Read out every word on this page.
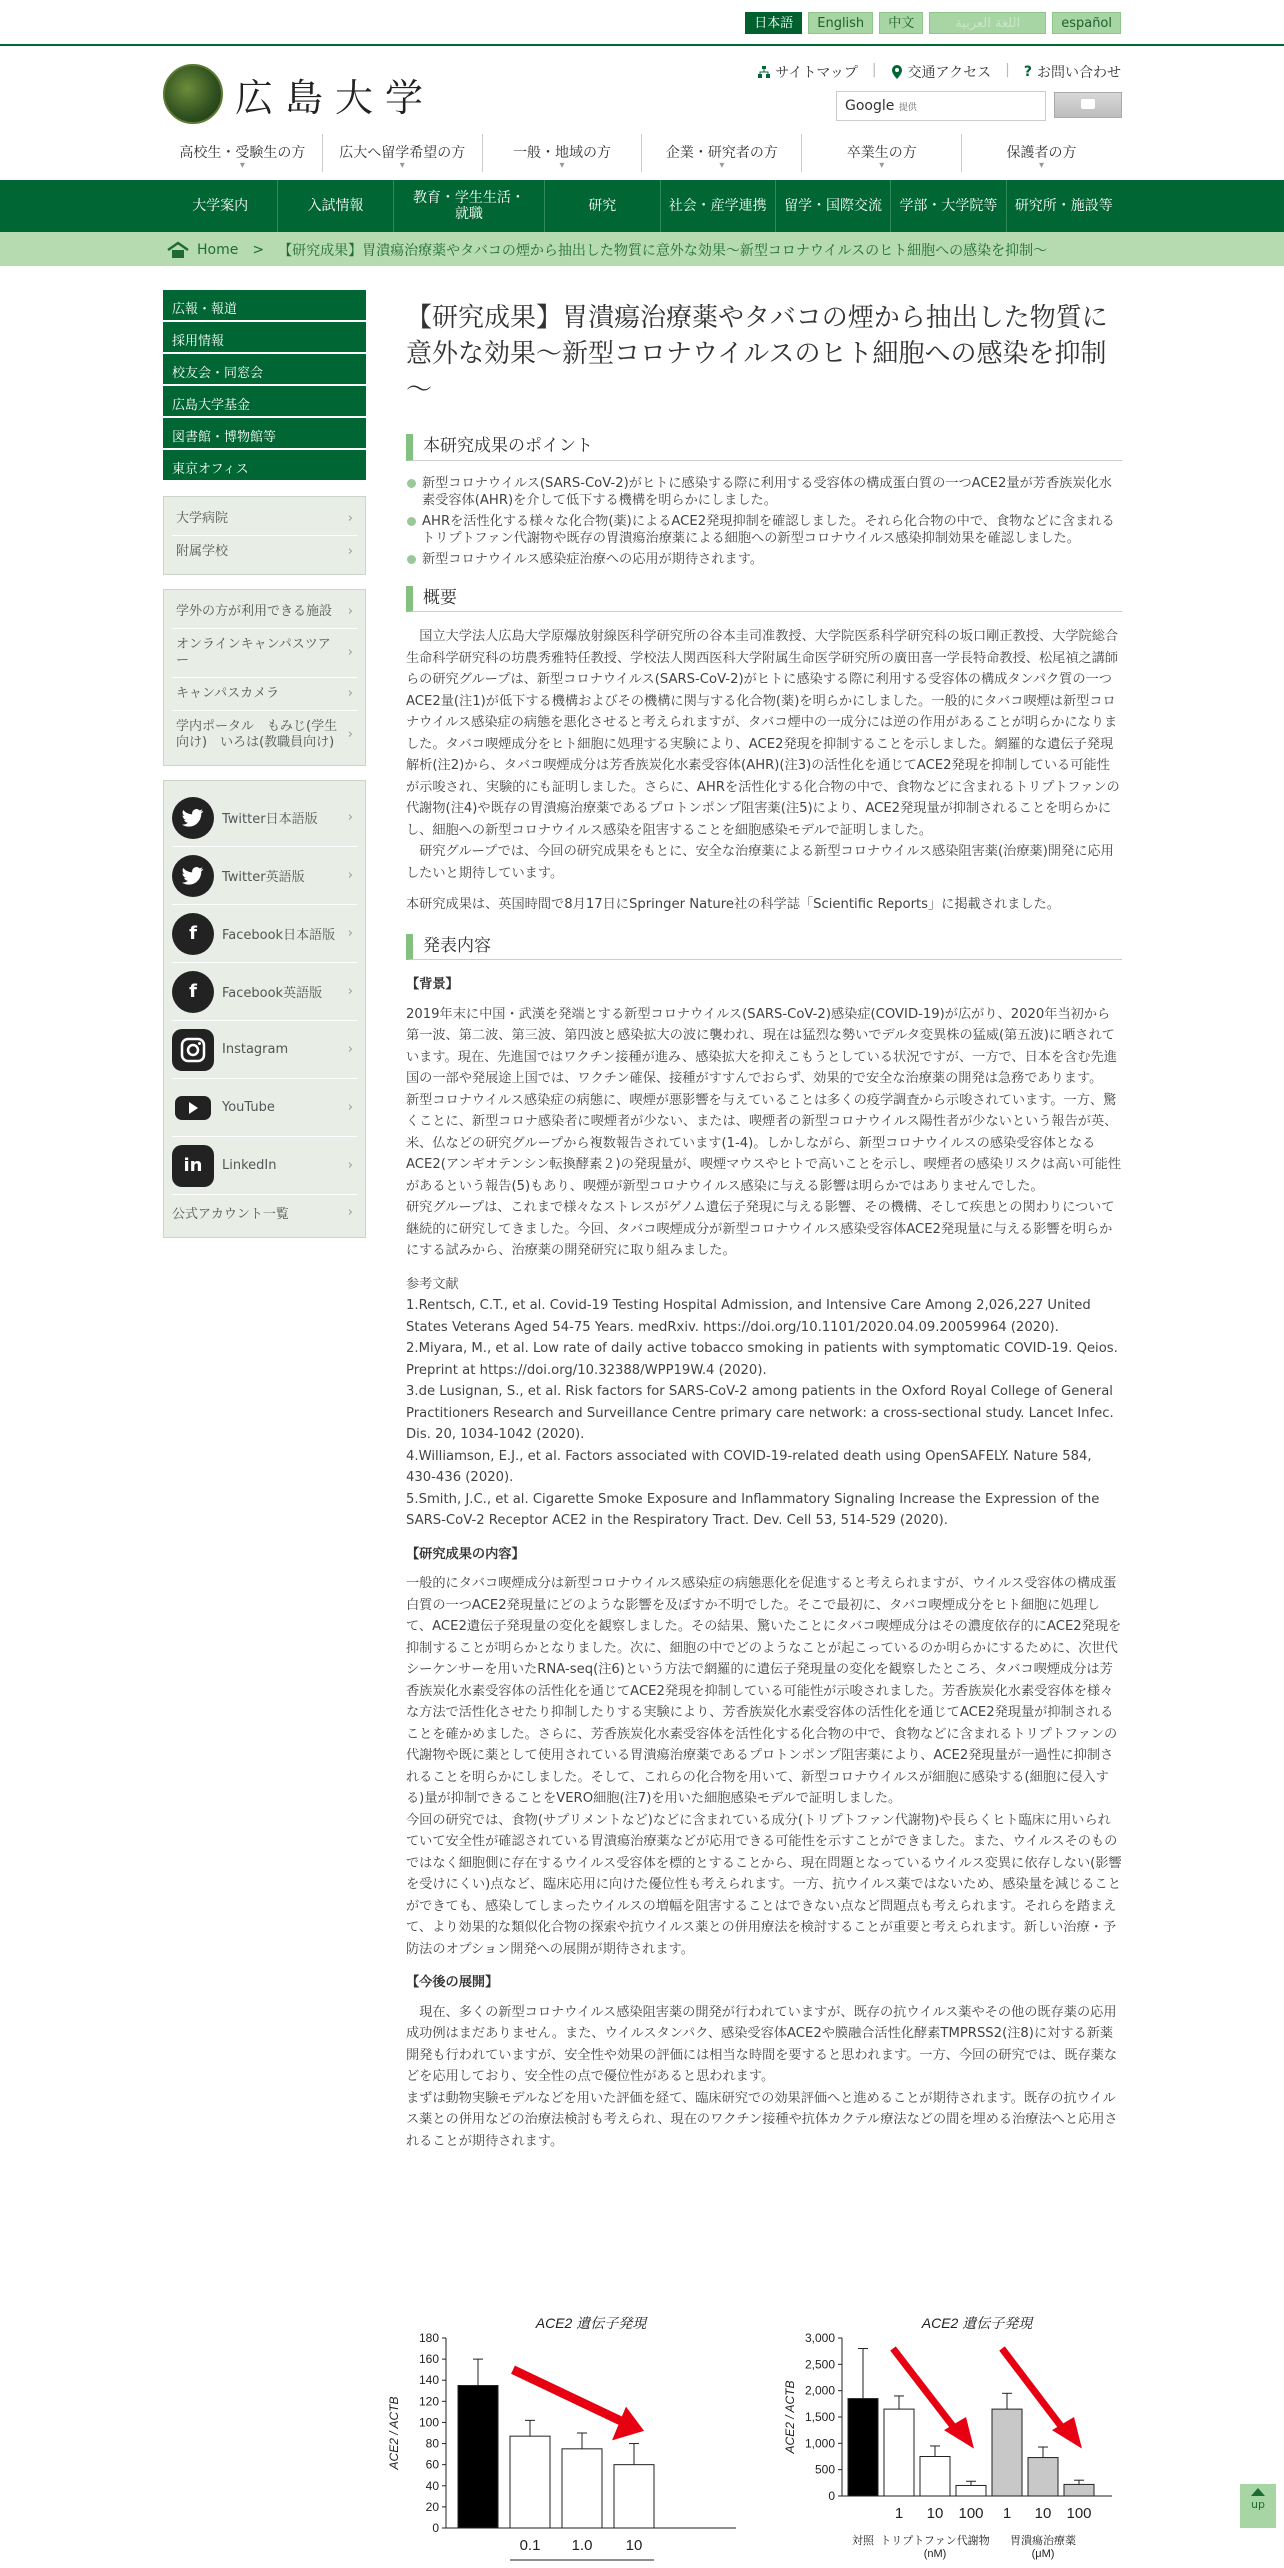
日本語	English	中文	اللغة العربية	español
広島大学
サイトマップ | 交通アクセス | ? お問い合わせ
Google 提供
高校生・受験生の方 ▾	広大へ留学希望の方 ▾	一般・地域の方 ▾	企業・研究者の方 ▾	卒業生の方 ▾	保護者の方 ▾
大学案内	入試情報	教育・学生生活・就職	研究	社会・産学連携	留学・国際交流	学部・大学院等	研究所・施設等
Home > 【研究成果】胃潰瘍治療薬やタバコの煙から抽出した物質に意外な効果～新型コロナウイルスのヒト細胞への感染を抑制～
広報・報道
採用情報
校友会・同窓会
広島大学基金
図書館・博物館等
東京オフィス
大学病院 ›
附属学校 ›
学外の方が利用できる施設 ›
オンラインキャンパスツアー ›
キャンパスカメラ ›
学内ポータル　もみじ(学生向け)　いろは(教職員向け) ›
Twitter日本語版
›
Twitter英語版
›
f	Facebook日本語版
›
f	Facebook英語版
›
Instagram
›
YouTube
›
in	LinkedIn
›
公式アカウント一覧
›
【研究成果】胃潰瘍治療薬やタバコの煙から抽出した物質に意外な効果～新型コロナウイルスのヒト細胞への感染を抑制～
本研究成果のポイント
新型コロナウイルス(SARS-CoV-2)がヒトに感染する際に利用する受容体の構成蛋白質の一つACE2量が芳香族炭化水素受容体(AHR)を介して低下する機構を明らかにしました。
AHRを活性化する様々な化合物(薬)によるACE2発現抑制を確認しました。それら化合物の中で、食物などに含まれるトリプトファン代謝物や既存の胃潰瘍治療薬による細胞への新型コロナウイルス感染抑制効果を確認しました。
新型コロナウイルス感染症治療への応用が期待されます。
概要

国立大学法人広島大学原爆放射線医科学研究所の谷本圭司准教授、大学院医系科学研究科の坂口剛正教授、大学院総合生命科学研究科の坊農秀雅特任教授、学校法人関西医科大学附属生命医学研究所の廣田喜一学長特命教授、松尾禎之講師らの研究グループは、新型コロナウイルス(SARS-CoV-2)がヒトに感染する際に利用する受容体の構成タンパク質の一つACE2量(注1)が低下する機構およびその機構に関与する化合物(薬)を明らかにしました。一般的にタバコ喫煙は新型コロナウイルス感染症の病態を悪化させると考えられますが、タバコ煙中の一成分には逆の作用があることが明らかになりました。タバコ喫煙成分をヒト細胞に処理する実験により、ACE2発現を抑制することを示しました。網羅的な遺伝子発現解析(注2)から、タバコ喫煙成分は芳香族炭化水素受容体(AHR)(注3)の活性化を通じてACE2発現を抑制している可能性が示唆され、実験的にも証明しました。さらに、AHRを活性化する化合物の中で、食物などに含まれるトリプトファンの代謝物(注4)や既存の胃潰瘍治療薬であるプロトンポンプ阻害薬(注5)により、ACE2発現量が抑制されることを明らかにし、細胞への新型コロナウイルス感染を阻害することを細胞感染モデルで証明しました。

研究グループでは、今回の研究成果をもとに、安全な治療薬による新型コロナウイルス感染阻害薬(治療薬)開発に応用したいと期待しています。

本研究成果は、英国時間で8月17日にSpringer Nature社の科学誌「Scientific Reports」に掲載されました。

発表内容

【背景】

2019年末に中国・武漢を発端とする新型コロナウイルス(SARS-CoV-2)感染症(COVID-19)が広がり、2020年当初から第一波、第二波、第三波、第四波と感染拡大の波に襲われ、現在は猛烈な勢いでデルタ変異株の猛威(第五波)に晒されています。現在、先進国ではワクチン接種が進み、感染拡大を抑えこもうとしている状況ですが、一方で、日本を含む先進国の一部や発展途上国では、ワクチン確保、接種がすすんでおらず、効果的で安全な治療薬の開発は急務であります。

新型コロナウイルス感染症の病態に、喫煙が悪影響を与えていることは多くの疫学調査から示唆されています。一方、驚くことに、新型コロナ感染者に喫煙者が少ない、または、喫煙者の新型コロナウイルス陽性者が少ないという報告が英、米、仏などの研究グループから複数報告されています(1-4)。しかしながら、新型コロナウイルスの感染受容体となるACE2(アンギオテンシン転換酵素２)の発現量が、喫煙マウスやヒトで高いことを示し、喫煙者の感染リスクは高い可能性があるという報告(5)もあり、喫煙が新型コロナウイルス感染に与える影響は明らかではありませんでした。

研究グループは、これまで様々なストレスがゲノム遺伝子発現に与える影響、その機構、そして疾患との関わりについて継続的に研究してきました。今回、タバコ喫煙成分が新型コロナウイルス感染受容体ACE2発現量に与える影響を明らかにする試みから、治療薬の開発研究に取り組みました。

参考文献

1.Rentsch, C.T., et al. Covid-19 Testing Hospital Admission, and Intensive Care Among 2,026,227 United States Veterans Aged 54-75 Years. medRxiv. https://doi.org/10.1101/2020.04.09.20059964 (2020).

2.Miyara, M., et al. Low rate of daily active tobacco smoking in patients with symptomatic COVID-19. Qeios. Preprint at https://doi.org/10.32388/WPP19W.4 (2020).

3.de Lusignan, S., et al. Risk factors for SARS-CoV-2 among patients in the Oxford Royal College of General Practitioners Research and Surveillance Centre primary care network: a cross-sectional study. Lancet Infec. Dis. 20, 1034-1042 (2020).

4.Williamson, E.J., et al. Factors associated with COVID-19-related death using OpenSAFELY. Nature 584, 430-436 (2020).

5.Smith, J.C., et al. Cigarette Smoke Exposure and Inflammatory Signaling Increase the Expression of the SARS-CoV-2 Receptor ACE2 in the Respiratory Tract. Dev. Cell 53, 514-529 (2020).

【研究成果の内容】

一般的にタバコ喫煙成分は新型コロナウイルス感染症の病態悪化を促進すると考えられますが、ウイルス受容体の構成蛋白質の一つACE2発現量にどのような影響を及ぼすか不明でした。そこで最初に、タバコ喫煙成分をヒト細胞に処理して、ACE2遺伝子発現量の変化を観察しました。その結果、驚いたことにタバコ喫煙成分はその濃度依存的にACE2発現を抑制することが明らかとなりました。次に、細胞の中でどのようなことが起こっているのか明らかにするために、次世代シーケンサーを用いたRNA-seq(注6)という方法で網羅的に遺伝子発現量の変化を観察したところ、タバコ喫煙成分は芳香族炭化水素受容体の活性化を通じてACE2発現を抑制している可能性が示唆されました。芳香族炭化水素受容体を様々な方法で活性化させたり抑制したりする実験により、芳香族炭化水素受容体の活性化を通じてACE2発現量が抑制されることを確かめました。さらに、芳香族炭化水素受容体を活性化する化合物の中で、食物などに含まれるトリプトファンの代謝物や既に薬として使用されている胃潰瘍治療薬であるプロトンポンプ阻害薬により、ACE2発現量が一過性に抑制されることを明らかにしました。そして、これらの化合物を用いて、新型コロナウイルスが細胞に感染する(細胞に侵入する)量が抑制できることをVERO細胞(注7)を用いた細胞感染モデルで証明しました。

今回の研究では、食物(サプリメントなど)などに含まれている成分(トリプトファン代謝物)や長らくヒト臨床に用いられていて安全性が確認されている胃潰瘍治療薬などが応用できる可能性を示すことができました。また、ウイルスそのものではなく細胞側に存在するウイルス受容体を標的とすることから、現在問題となっているウイルス変異に依存しない(影響を受けにくい)点など、臨床応用に向けた優位性も考えられます。一方、抗ウイルス薬ではないため、感染量を減じることができても、感染してしまったウイルスの増幅を阻害することはできない点など問題点も考えられます。それらを踏まえて、より効果的な類似化合物の探索や抗ウイルス薬との併用療法を検討することが重要と考えられます。新しい治療・予防法のオプション開発への展開が期待されます。

【今後の展開】

現在、多くの新型コロナウイルス感染阻害薬の開発が行われていますが、既存の抗ウイルス薬やその他の既存薬の応用成功例はまだありません。また、ウイルスタンパク、感染受容体ACE2や膜融合活性化酵素TMPRSS2(注8)に対する新薬開発も行われていますが、安全性や効果の評価には相当な時間を要すると思われます。一方、今回の研究では、既存薬などを応用しており、安全性の点で優位性があると思われます。

まずは動物実験モデルなどを用いた評価を経て、臨床研究での効果評価へと進めることが期待されます。既存の抗ウイルス薬との併用などの治療法検討も考えられ、現在のワクチン接種や抗体カクテル療法などの間を埋める治療法へと応用されることが期待されます。

ACE2 遺伝子発現
ACE2 / ACTB
0
20
40
60
80
100
120
140
160
180
0.1 1.0 10
ACE2 遺伝子発現
ACE2 / ACTB
0
500
1,000
1,500
2,000
2,500
3,000
1 10 100 1 10 100
対照 トリプトファン代謝物
(nM)
胃潰瘍治療薬
(μM)
up
